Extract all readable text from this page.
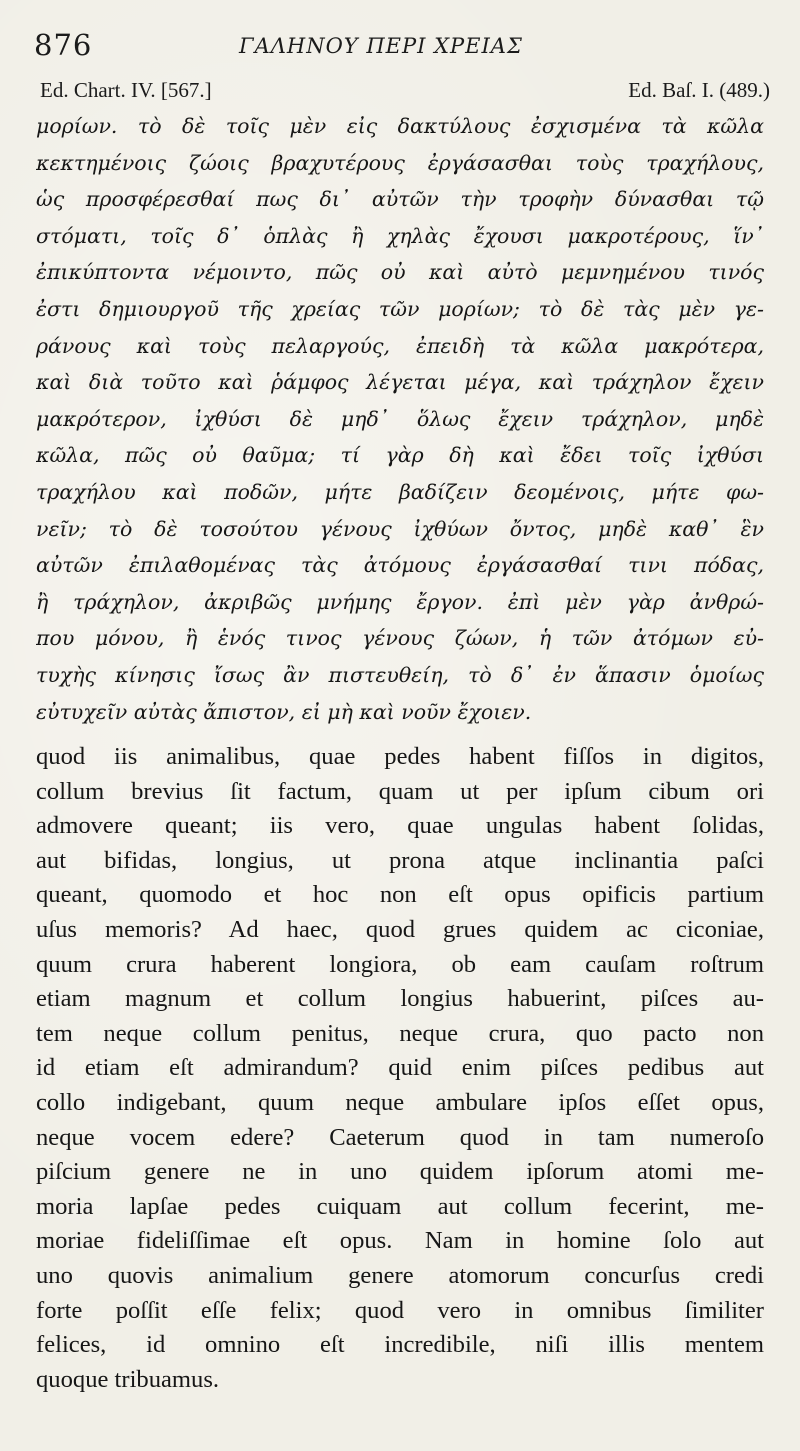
876	ΓΑΛΗΝΟΥ ΠΕΡΙ ΧΡΕΙΑΣ
Ed. Chart. IV. [567.]	Ed. Baſ. I. (489.)
μορίων. τὸ δὲ τοῖς μὲν εἰς δακτύλους ἐσχισμένα τὰ κῶλα
κεκτημένοις ζώοις βραχυτέρους ἐργάσασθαι τοὺς τραχήλους,
ὡς προσφέρεσθαί πως δι᾽ αὐτῶν τὴν τροφὴν δύνασθαι τῷ
στόματι, τοῖς δ᾽ ὁπλὰς ἢ χηλὰς ἔχουσι μακροτέρους, ἵν᾽
ἐπικύπτοντα νέμοιντο, πῶς οὐ καὶ αὐτὸ μεμνημένου τινός
ἐστι δημιουργοῦ τῆς χρείας τῶν μορίων; τὸ δὲ τὰς μὲν γε-
ράνους καὶ τοὺς πελαργούς, ἐπειδὴ τὰ κῶλα μακρότερα,
καὶ διὰ τοῦτο καὶ ῥάμφος λέγεται μέγα, καὶ τράχηλον ἔχειν
μακρότερον, ἰχθύσι δὲ μηδ᾽ ὅλως ἔχειν τράχηλον, μηδὲ
κῶλα, πῶς οὐ θαῦμα; τί γὰρ δὴ καὶ ἔδει τοῖς ἰχθύσι
τραχήλου καὶ ποδῶν, μήτε βαδίζειν δεομένοις, μήτε φω-
νεῖν; τὸ δὲ τοσούτου γένους ἰχθύων ὄντος, μηδὲ καθ᾽ ἓν
αὐτῶν ἐπιλαθομένας τὰς ἀτόμους ἐργάσασθαί τινι πόδας,
ἢ τράχηλον, ἀκριβῶς μνήμης ἔργον. ἐπὶ μὲν γὰρ ἀνθρώ-
που μόνου, ἢ ἑνός τινος γένους ζώων, ἡ τῶν ἀτόμων εὐ-
τυχὴς κίνησις ἴσως ἂν πιστευθείη, τὸ δ᾽ ἐν ἅπασιν ὁμοίως
εὐτυχεῖν αὐτὰς ἄπιστον, εἰ μὴ καὶ νοῦν ἔχοιεν.
quod iis animalibus, quae pedes habent fiſſos in digitos,
collum brevius ſit factum, quam ut per ipſum cibum ori
admovere queant; iis vero, quae ungulas habent ſolidas,
aut bifidas, longius, ut prona atque inclinantia paſci
queant, quomodo et hoc non eſt opus opificis partium
uſus memoris? Ad haec, quod grues quidem ac ciconiae,
quum crura haberent longiora, ob eam cauſam roſtrum
etiam magnum et collum longius habuerint, piſces au-
tem neque collum penitus, neque crura, quo pacto non
id etiam eſt admirandum? quid enim piſces pedibus aut
collo indigebant, quum neque ambulare ipſos eſſet opus,
neque vocem edere? Caeterum quod in tam numeroſo
piſcium genere ne in uno quidem ipſorum atomi me-
moria lapſae pedes cuiquam aut collum fecerint, me-
moriae fideliſſimae eſt opus. Nam in homine ſolo aut
uno quovis animalium genere atomorum concurſus credi
forte poſſit eſſe felix; quod vero in omnibus ſimiliter
felices, id omnino eſt incredibile, niſi illis mentem
quoque tribuamus.
